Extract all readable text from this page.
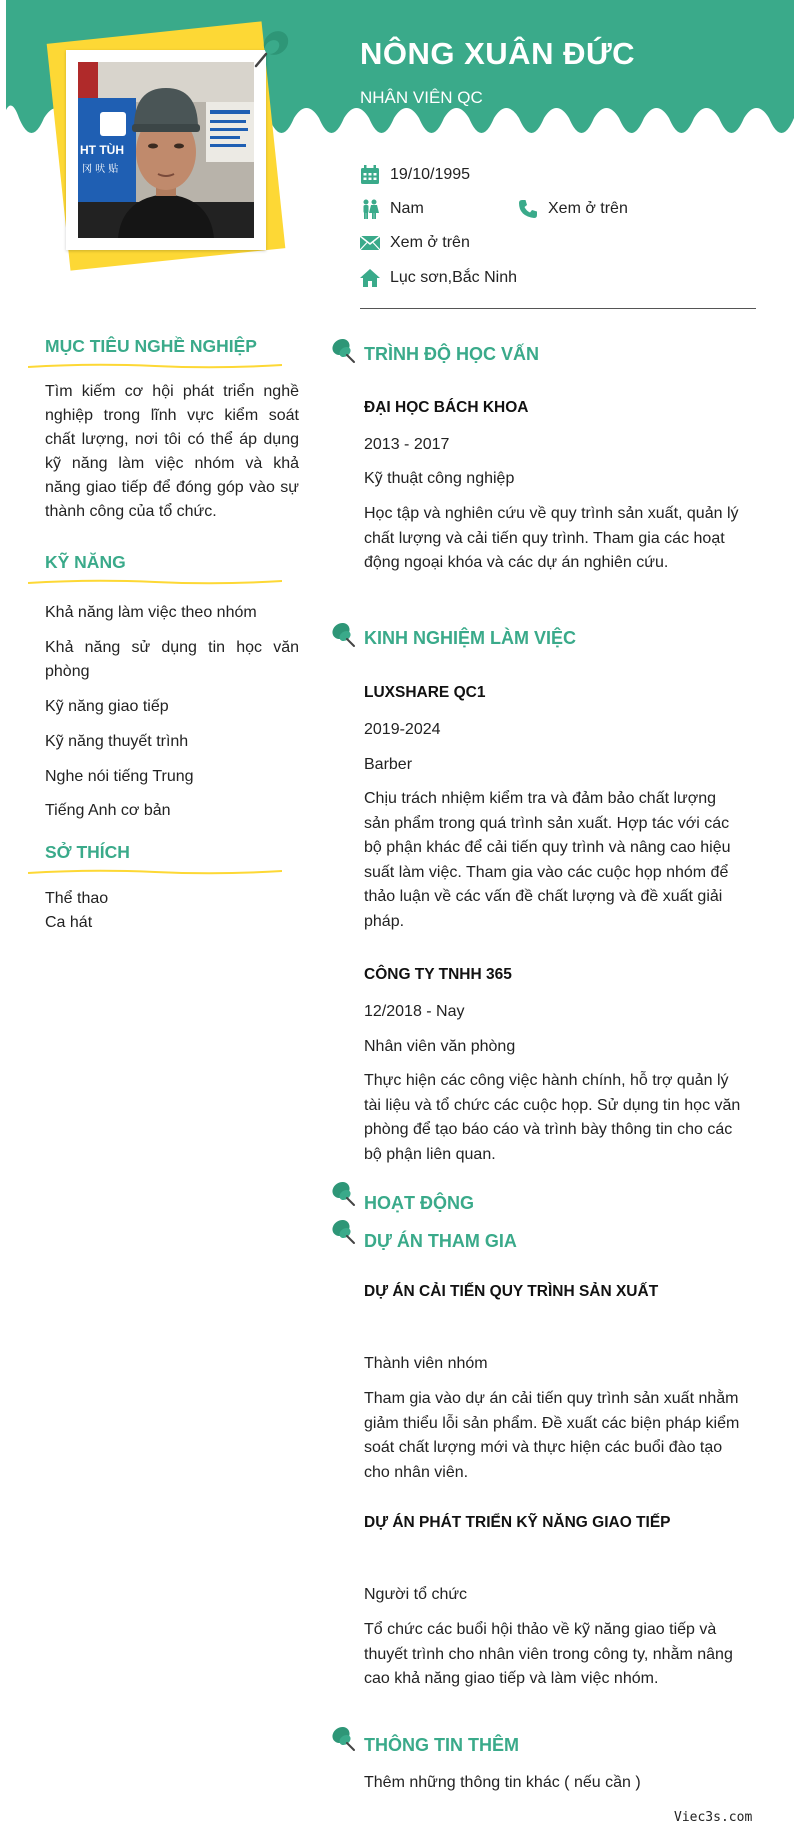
NÔNG XUÂN ĐỨC
NHÂN VIÊN QC
HT TÙH
冈 吠 贴	19/10/1995
Nam	Xem ở trên
Xem ở trên
Lục sơn,Bắc Ninh
MỤC TIÊU NGHỀ NGHIỆP
Tìm kiếm cơ hội phát triển nghề nghiệp trong lĩnh vực kiểm soát chất lượng, nơi tôi có thể áp dụng kỹ năng làm việc nhóm và khả năng giao tiếp để đóng góp vào sự thành công của tổ chức.
KỸ NĂNG
Khả năng làm việc theo nhóm
Khả năng sử dụng tin học văn phòng
Kỹ năng giao tiếp
Kỹ năng thuyết trình
Nghe nói tiếng Trung
Tiếng Anh cơ bản
SỞ THÍCH
Thể thao
Ca hát
TRÌNH ĐỘ HỌC VẤN
ĐẠI HỌC BÁCH KHOA
2013 - 2017
Kỹ thuật công nghiệp
Học tập và nghiên cứu về quy trình sản xuất, quản lý chất lượng và cải tiến quy trình. Tham gia các hoạt động ngoại khóa và các dự án nghiên cứu.
KINH NGHIỆM LÀM VIỆC
LUXSHARE QC1
2019-2024
Barber
Chịu trách nhiệm kiểm tra và đảm bảo chất lượng sản phẩm trong quá trình sản xuất. Hợp tác với các bộ phận khác để cải tiến quy trình và nâng cao hiệu suất làm việc. Tham gia vào các cuộc họp nhóm để thảo luận về các vấn đề chất lượng và đề xuất giải pháp.
CÔNG TY TNHH 365
12/2018 - Nay
Nhân viên văn phòng
Thực hiện các công việc hành chính, hỗ trợ quản lý tài liệu và tổ chức các cuộc họp. Sử dụng tin học văn phòng để tạo báo cáo và trình bày thông tin cho các bộ phận liên quan.
HOẠT ĐỘNG
DỰ ÁN THAM GIA
DỰ ÁN CẢI TIẾN QUY TRÌNH SẢN XUẤT
Thành viên nhóm
Tham gia vào dự án cải tiến quy trình sản xuất nhằm giảm thiểu lỗi sản phẩm. Đề xuất các biện pháp kiểm soát chất lượng mới và thực hiện các buổi đào tạo cho nhân viên.
DỰ ÁN PHÁT TRIỂN KỸ NĂNG GIAO TIẾP
Người tổ chức
Tổ chức các buổi hội thảo về kỹ năng giao tiếp và thuyết trình cho nhân viên trong công ty, nhằm nâng cao khả năng giao tiếp và làm việc nhóm.
THÔNG TIN THÊM
Thêm những thông tin khác ( nếu cần )
Viec3s.com
